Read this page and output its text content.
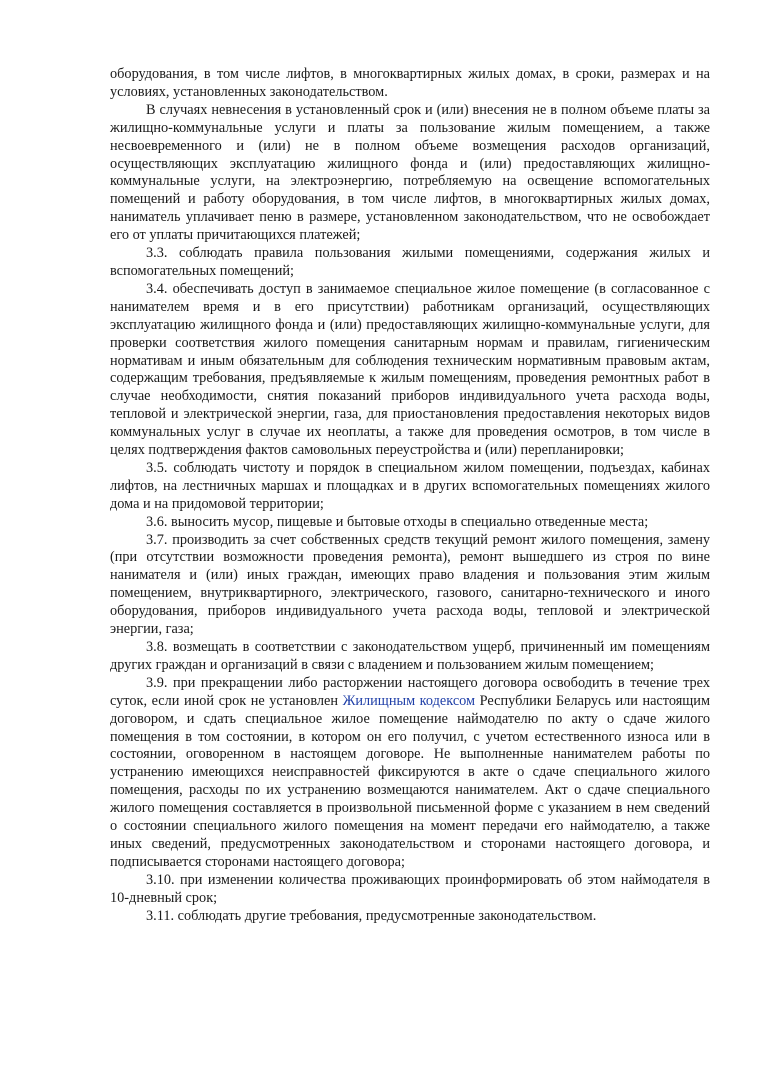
оборудования, в том числе лифтов, в многоквартирных жилых домах, в сроки, размерах и на условиях, установленных законодательством.

В случаях невнесения в установленный срок и (или) внесения не в полном объеме платы за жилищно-коммунальные услуги и платы за пользование жилым помещением, а также несвоевременного и (или) не в полном объеме возмещения расходов организаций, осуществляющих эксплуатацию жилищного фонда и (или) предоставляющих жилищно-коммунальные услуги, на электроэнергию, потребляемую на освещение вспомогательных помещений и работу оборудования, в том числе лифтов, в многоквартирных жилых домах, наниматель уплачивает пеню в размере, установленном законодательством, что не освобождает его от уплаты причитающихся платежей;

3.3. соблюдать правила пользования жилыми помещениями, содержания жилых и вспомогательных помещений;

3.4. обеспечивать доступ в занимаемое специальное жилое помещение (в согласованное с нанимателем время и в его присутствии) работникам организаций, осуществляющих эксплуатацию жилищного фонда и (или) предоставляющих жилищно-коммунальные услуги, для проверки соответствия жилого помещения санитарным нормам и правилам, гигиеническим нормативам и иным обязательным для соблюдения техническим нормативным правовым актам, содержащим требования, предъявляемые к жилым помещениям, проведения ремонтных работ в случае необходимости, снятия показаний приборов индивидуального учета расхода воды, тепловой и электрической энергии, газа, для приостановления предоставления некоторых видов коммунальных услуг в случае их неоплаты, а также для проведения осмотров, в том числе в целях подтверждения фактов самовольных переустройства и (или) перепланировки;

3.5. соблюдать чистоту и порядок в специальном жилом помещении, подъездах, кабинах лифтов, на лестничных маршах и площадках и в других вспомогательных помещениях жилого дома и на придомовой территории;

3.6. выносить мусор, пищевые и бытовые отходы в специально отведенные места;

3.7. производить за счет собственных средств текущий ремонт жилого помещения, замену (при отсутствии возможности проведения ремонта), ремонт вышедшего из строя по вине нанимателя и (или) иных граждан, имеющих право владения и пользования этим жилым помещением, внутриквартирного, электрического, газового, санитарно-технического и иного оборудования, приборов индивидуального учета расхода воды, тепловой и электрической энергии, газа;

3.8. возмещать в соответствии с законодательством ущерб, причиненный им помещениям других граждан и организаций в связи с владением и пользованием жилым помещением;

3.9. при прекращении либо расторжении настоящего договора освободить в течение трех суток, если иной срок не установлен Жилищным кодексом Республики Беларусь или настоящим договором, и сдать специальное жилое помещение наймодателю по акту о сдаче жилого помещения в том состоянии, в котором он его получил, с учетом естественного износа или в состоянии, оговоренном в настоящем договоре. Не выполненные нанимателем работы по устранению имеющихся неисправностей фиксируются в акте о сдаче специального жилого помещения, расходы по их устранению возмещаются нанимателем. Акт о сдаче специального жилого помещения составляется в произвольной письменной форме с указанием в нем сведений о состоянии специального жилого помещения на момент передачи его наймодателю, а также иных сведений, предусмотренных законодательством и сторонами настоящего договора, и подписывается сторонами настоящего договора;

3.10. при изменении количества проживающих проинформировать об этом наймодателя в 10-дневный срок;

3.11. соблюдать другие требования, предусмотренные законодательством.
